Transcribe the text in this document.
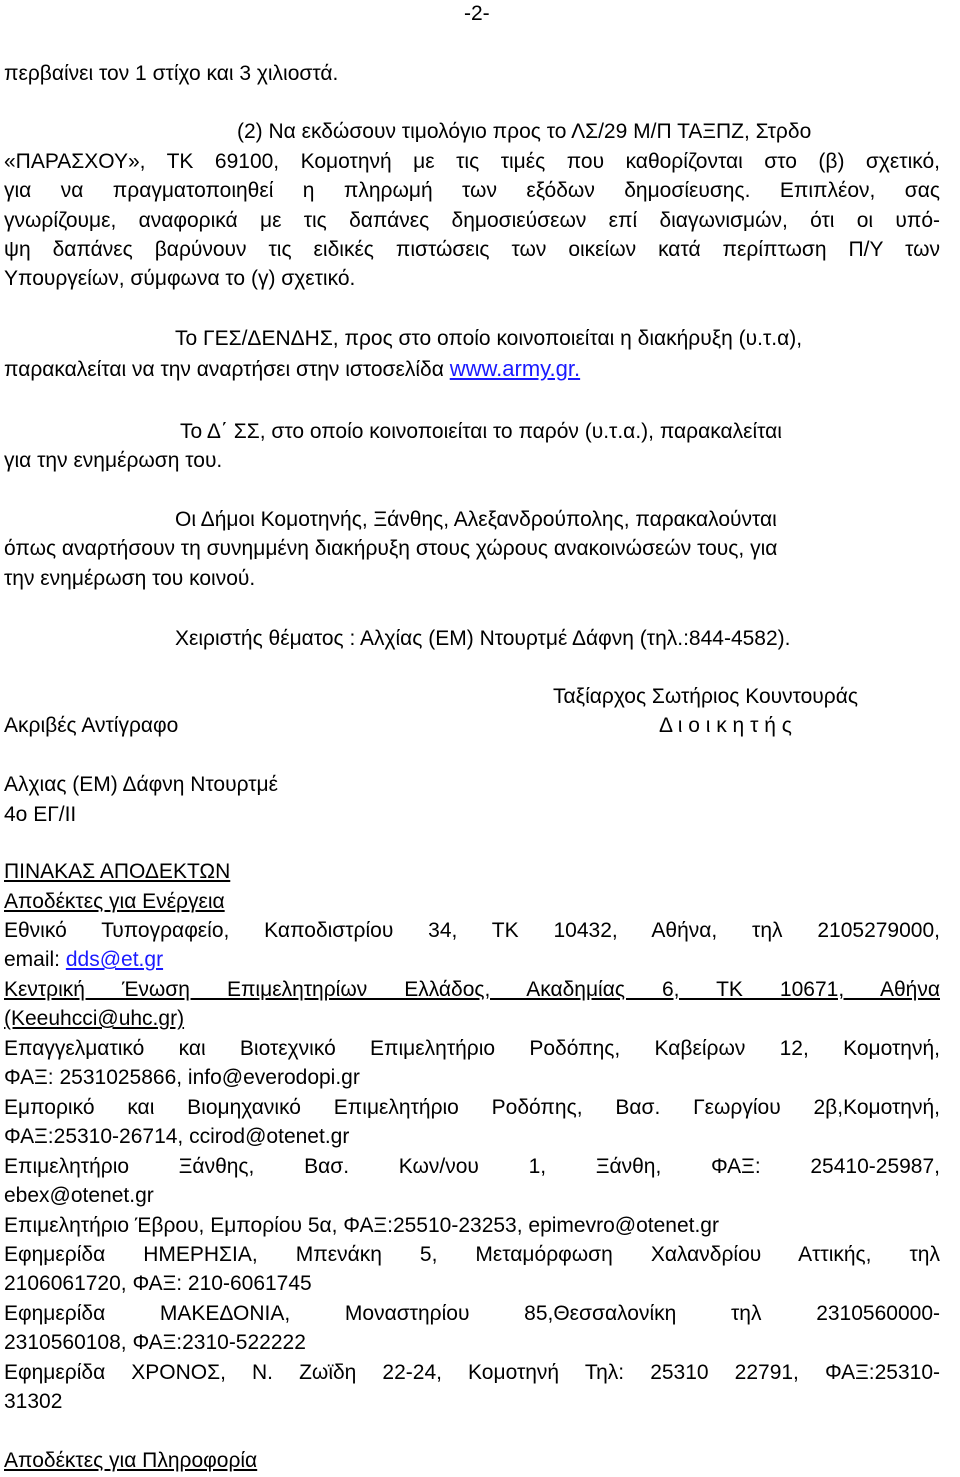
-2-
περβαίνει τον 1 στίχο και 3 χιλιοστά.
(2) Να εκδώσουν τιμολόγιο προς το ΛΣ/29 Μ/Π ΤΑΞΠΖ, Στρδο
«ΠΑΡΑΣΧΟΥ», ΤΚ 69100, Κομοτηνή με τις τιμές που καθορίζονται στο (β) σχετικό,
για να πραγματοποιηθεί η πληρωμή των εξόδων δημοσίευσης. Επιπλέον, σας
γνωρίζουμε, αναφορικά με τις δαπάνες δημοσιεύσεων επί διαγωνισμών, ότι οι υπό-
ψη δαπάνες βαρύνουν τις ειδικές πιστώσεις των οικείων κατά περίπτωση Π/Υ των
Υπουργείων, σύμφωνα το (γ) σχετικό.
Το ΓΕΣ/ΔΕΝΔΗΣ, προς στο οποίο κοινοποιείται η διακήρυξη (υ.τ.α),
παρακαλείται να την αναρτήσει στην ιστοσελίδα www.army.gr.
Το Δ΄ ΣΣ, στο οποίο κοινοποιείται το παρόν (υ.τ.α.), παρακαλείται
για την ενημέρωση του.
Οι Δήμοι Κομοτηνής, Ξάνθης, Αλεξανδρούπολης, παρακαλούνται
όπως αναρτήσουν τη συνημμένη διακήρυξη στους χώρους ανακοινώσεών τους, για
την ενημέρωση του κοινού.
Χειριστής θέματος : Αλχίας (ΕΜ) Ντουρτμέ Δάφνη (τηλ.:844-4582).
Ταξίαρχος Σωτήριος Κουντουράς
Δ ι ο ι κ η τ ή ς
Ακριβές Αντίγραφο
Αλχιας (ΕΜ) Δάφνη Ντουρτμέ
4ο ΕΓ/ΙΙ
ΠΙΝΑΚΑΣ ΑΠΟΔΕΚΤΩΝ
Αποδέκτες για Ενέργεια
Εθνικό Τυπογραφείο, Καποδιστρίου 34, ΤΚ 10432, Αθήνα, τηλ 2105279000,
email: dds@et.gr
Κεντρική Ένωση Επιμελητηρίων Ελλάδος, Ακαδημίας 6, ΤΚ 10671, Αθήνα
(Keeuhcci@uhc.gr)
Επαγγελματικό και Βιοτεχνικό Επιμελητήριο Ροδόπης, Καβείρων 12, Κομοτηνή,
ΦΑΞ: 2531025866, info@everodopi.gr
Εμπορικό και Βιομηχανικό Επιμελητήριο Ροδόπης, Βασ. Γεωργίου 2β,Κομοτηνή,
ΦΑΞ:25310-26714, ccirod@otenet.gr
Επιμελητήριο Ξάνθης, Βασ. Κων/νου 1, Ξάνθη, ΦΑΞ: 25410-25987,
ebex@otenet.gr
Επιμελητήριο Έβρου, Εμπορίου 5α, ΦΑΞ:25510-23253, epimevro@otenet.gr
Εφημερίδα ΗΜΕΡΗΣΙΑ, Μπενάκη 5, Μεταμόρφωση Χαλανδρίου Αττικής, τηλ
2106061720, ΦΑΞ: 210-6061745
Εφημερίδα ΜΑΚΕΔΟΝΙΑ, Μοναστηρίου 85,Θεσσαλονίκη τηλ 2310560000-
2310560108, ΦΑΞ:2310-522222
Εφημερίδα ΧΡΟΝΟΣ, Ν. Ζωϊδη 22-24, Κομοτηνή Τηλ: 25310 22791, ΦΑΞ:25310-
31302
Αποδέκτες για Πληροφορία
